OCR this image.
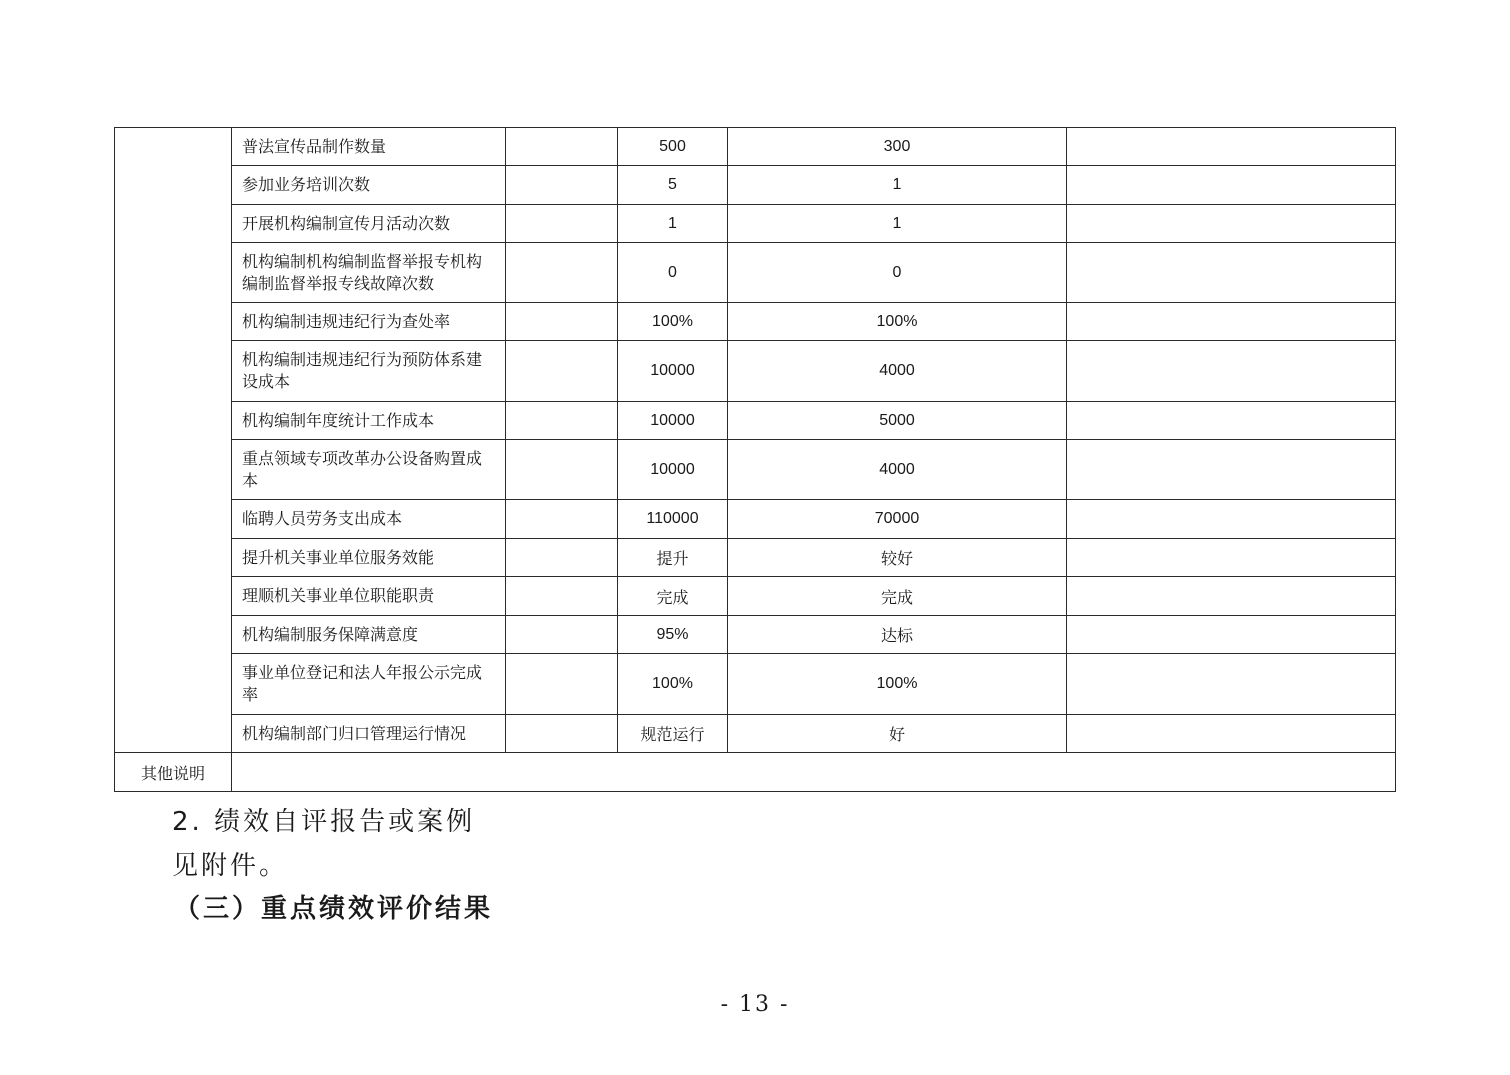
	普法宣传品制作数量		500	300	
	参加业务培训次数		5	1	
	开展机构编制宣传月活动次数		1	1	
	机构编制机构编制监督举报专机构编制监督举报专线故障次数		0	0	
	机构编制违规违纪行为查处率		100%	100%	
	机构编制违规违纪行为预防体系建设成本		10000	4000	
	机构编制年度统计工作成本		10000	5000	
	重点领域专项改革办公设备购置成本		10000	4000	
	临聘人员劳务支出成本		110000	70000	
	提升机关事业单位服务效能		提升	较好	
	理顺机关事业单位职能职责		完成	完成	
	机构编制服务保障满意度		95%	达标	
	事业单位登记和法人年报公示完成率		100%	100%	
	机构编制部门归口管理运行情况		规范运行	好	
其他说明					
2. 绩效自评报告或案例
见附件。
（三）重点绩效评价结果
- 13 -
